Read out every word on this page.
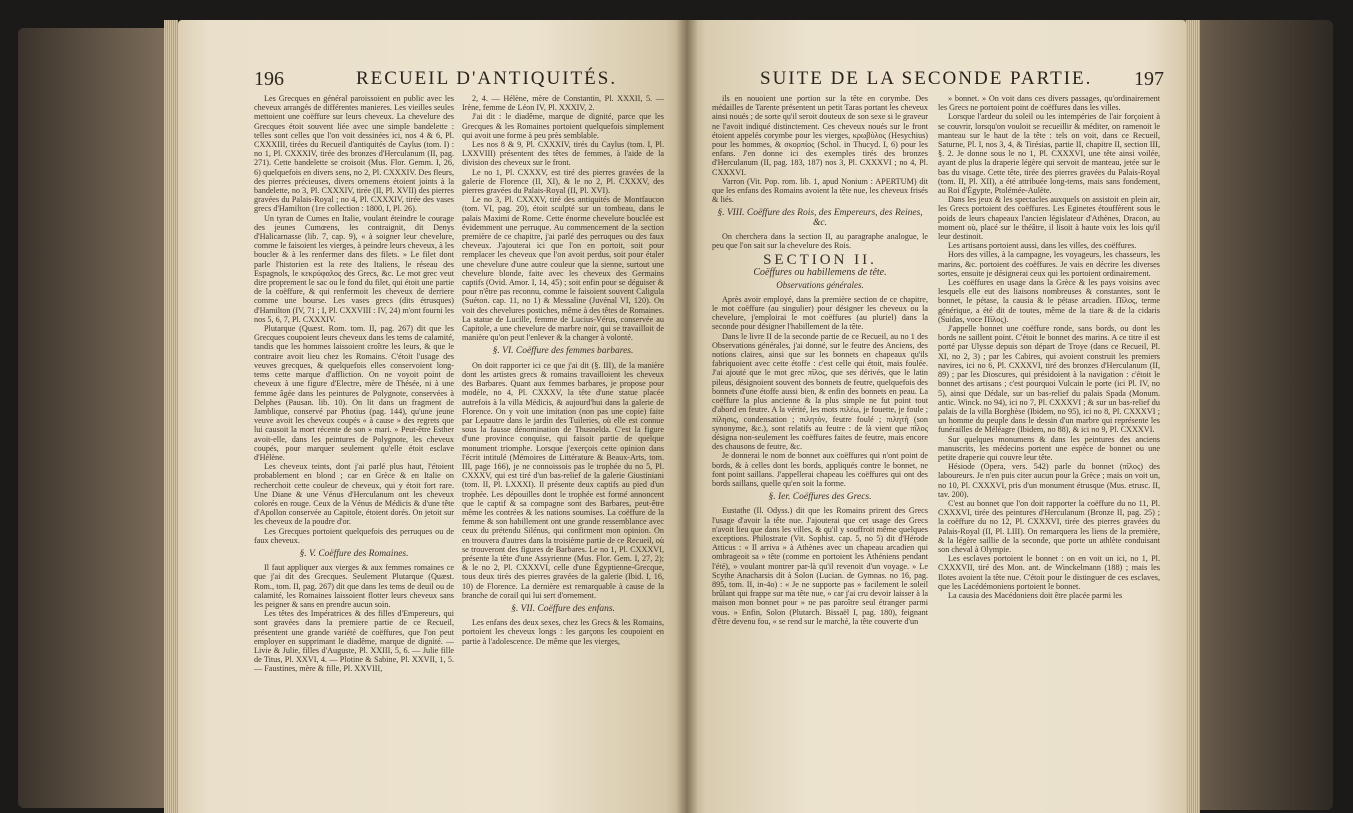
196	RECUEIL D'ANTIQUITÉS.

Les Grecques en général paroissoient en public avec les cheveux arrangés de différentes manieres. Les vieilles seules mettoient une coëffure sur leurs cheveux. La chevelure des Grecques étoit souvent liée avec une simple bandelette : telles sont celles que l'on voit dessinées ici, nos 4 & 6, Pl. CXXXIII, tirées du Recueil d'antiquités de Caylus (tom. I) : no 1, Pl. CXXXIV, tirée des bronzes d'Herculanum (II, pag. 271). Cette bandelette se croisoit (Mus. Flor. Gemm. I, 26, 6) quelquefois en divers sens, no 2, Pl. CXXXIV. Des fleurs, des pierres précieuses, divers ornemens étoient joints à la bandelette, no 3, Pl. CXXXIV, tirée (II, Pl. XVII) des pierres gravées du Palais-Royal ; no 4, Pl. CXXXIV, tirée des vases grecs d'Hamilton (1re collection : 1800, I, Pl. 26).

Un tyran de Cumes en Italie, voulant éteindre le courage des jeunes Cumœens, les contraignit, dit Denys d'Halicarnasse (lib. 7, cap. 9), « à soigner leur chevelure, comme le faisoient les vierges, à peindre leurs cheveux, à les boucler & à les renfermer dans des filets. » Le filet dont parle l'historien est la rete des Italiens, le réseau des Espagnols, le κεκρύφαλος des Grecs, &c. Le mot grec veut dire proprement le sac ou le fond du filet, qui étoit une partie de la coëffure, & qui renfermoit les cheveux de derriere comme une bourse. Les vases grecs (dits étrusques) d'Hamilton (IV, 71 ; I, Pl. CXXVIII : IV, 24) m'ont fourni les nos 5, 6, 7, Pl. CXXXIV.

Plutarque (Quæst. Rom. tom. II, pag. 267) dit que les Grecques coupoient leurs cheveux dans les tems de calamité, tandis que les hommes laissoient croître les leurs, & que le contraire avoit lieu chez les Romains. C'étoit l'usage des veuves grecques, & quelquefois elles conservoient long-tems cette marque d'affliction. On ne voyoit point de cheveux à une figure d'Electre, mère de Thésée, ni à une femme âgée dans les peintures de Polygnote, conservées à Delphes (Pausan. lib. 10). On lit dans un fragment de Jamblique, conservé par Photius (pag. 144), qu'une jeune veuve avoit les cheveux coupés « à cause » des regrets que lui causoit la mort récente de son » mari. » Peut-être Esther avoit-elle, dans les peintures de Polygnote, les cheveux coupés, pour marquer seulement qu'elle étoit esclave d'Hélène.

Les cheveux teints, dont j'ai parlé plus haut, l'étoient probablement en blond ; car en Grèce & en Italie on recherchoit cette couleur de cheveux, qui y étoit fort rare. Une Diane & une Vénus d'Herculanum ont les cheveux colorés en rouge. Ceux de la Vénus de Médicis & d'une tête d'Apollon conservée au Capitole, étoient dorés. On jetoit sur les cheveux de la poudre d'or.

Les Grecques portoient quelquefois des perruques ou de faux cheveux.

§. V. Coëffure des Romaines.

Il faut appliquer aux vierges & aux femmes romaines ce que j'ai dit des Grecques. Seulement Plutarque (Quæst. Rom., tom. II, pag. 267) dit que dans les tems de deuil ou de calamité, les Romaines laissoient flotter leurs cheveux sans les peigner & sans en prendre aucun soin.

Les têtes des Impératrices & des filles d'Empereurs, qui sont gravées dans la premiere partie de ce Recueil, présentent une grande variété de coëffures, que l'on peut employer en supprimant le diadême, marque de dignité. — Livie & Julie, filles d'Auguste, Pl. XXIII, 5, 6. — Julie fille de Titus, Pl. XXVI, 4. — Plotine & Sabine, Pl. XXVII, 1, 5. — Faustines, mère & fille, Pl. XXVIII,

2, 4. — Hélène, mère de Constantin, Pl. XXXII, 5. — Irène, femme de Léon IV, Pl. XXXIV, 2.

J'ai dit : le diadême, marque de dignité, parce que les Grecques & les Romaines portoient quelquefois simplement qui avoit une forme à peu près semblable.

Les nos 8 & 9, Pl. CXXXIV, tirés du Caylus (tom. I, Pl. LXXVIII) présentent des têtes de femmes, à l'aide de la division des cheveux sur le front.

Le no 1, Pl. CXXXV, est tiré des pierres gravées de la galerie de Florence (II, XI), & le no 2, Pl. CXXXV, des pierres gravées du Palais-Royal (II, Pl. XVI).

Le no 3, Pl. CXXXV, tiré des antiquités de Montfaucon (tom. VI, pag. 20), étoit sculpté sur un tombeau, dans le palais Maximi de Rome. Cette énorme chevelure bouclée est évidemment une perruque. Au commencement de la section première de ce chapitre, j'ai parlé des perruques ou des faux cheveux. J'ajouterai ici que l'on en portoit, soit pour remplacer les cheveux que l'on avoit perdus, soit pour étaler une chevelure d'une autre couleur que la sienne, surtout une chevelure blonde, faite avec les cheveux des Germains captifs (Ovid. Amor. I, 14, 45) ; soit enfin pour se déguiser & pour n'être pas reconnu, comme le faisoient souvent Caligula (Suéton. cap. 11, no 1) & Messaline (Juvénal VI, 120). On voit des chevelures postiches, même à des têtes de Romaines. La statue de Lucille, femme de Lucius-Vérus, conservée au Capitole, a une chevelure de marbre noir, qui se travailloit de manière qu'on peut l'enlever & la changer à volonté.

§. VI. Coëffure des femmes barbares.

On doit rapporter ici ce que j'ai dit (§. III), de la manière dont les artistes grecs & romains travailloient les cheveux des Barbares. Quant aux femmes barbares, je propose pour modèle, no 4, Pl. CXXXV, la tête d'une statue placée autrefois à la villa Médicis, & aujourd'hui dans la galerie de Florence. On y voit une imitation (non pas une copie) faite par Lepautre dans le jardin des Tuileries, où elle est connue sous la fausse dénomination de Thusnelda. C'est la figure d'une province conquise, qui faisoit partie de quelque monument triomphe. Lorsque j'exerçois cette opinion dans l'écrit intitulé (Mémoires de Littérature & Beaux-Arts, tom. III, page 166), je ne connoissois pas le trophée du no 5, Pl. CXXXV, qui est tiré d'un bas-relief de la galerie Giustiniani (tom. II, Pl. LXXXI). Il présente deux captifs au pied d'un trophée. Les dépouilles dont le trophée est formé annoncent que le captif & sa compagne sont des Barbares, peut-être même les contrées & les nations soumises. La coëffure de la femme & son habillement ont une grande ressemblance avec ceux du prétendu Silénus, qui confirment mon opinion. On en trouvera d'autres dans la troisième partie de ce Recueil, où se trouveront des figures de Barbares. Le no 1, Pl. CXXXVI, présente la tête d'une Assyrienne (Mus. Flor. Gem. I, 27, 2); & le no 2, Pl. CXXXVI, celle d'une Égyptienne-Grecque, tous deux tirés des pierres gravées de la galerie (Ibid. I, 16, 10) de Florence. La dernière est remarquable à cause de la branche de corail qui lui sert d'ornement.

§. VII. Coëffure des enfans.

Les enfans des deux sexes, chez les Grecs & les Romains, portoient les cheveux longs : les garçons les coupoient en partie à l'adolescence. De même que les vierges,

SUITE DE LA SECONDE PARTIE. 197

ils en nouoient une portion sur la tête en corymbe. Des médailles de Tarente présentent un petit Taras portant les cheveux ainsi noués ; de sorte qu'il seroit douteux de son sexe si le graveur ne l'avoit indiqué distinctement. Ces cheveux noués sur le front étoient appelés corymbe pour les vierges, κρωβύλος (Hesychius) pour les hommes, & σκορπίος (Schol. in Thucyd. I, 6) pour les enfans. J'en donne ici des exemples tirés des bronzes d'Herculanum (II, pag. 183, 187) nos 3, Pl. CXXXVI ; no 4, Pl. CXXXVI.

Varron (Vit. Pop. rom. lib. 1, apud Nonium : APERTUM) dit que les enfans des Romains avoient la tête nue, les cheveux frisés & liés.

§. VIII. Coëffure des Rois, des Empereurs, des Reines, &c.

On cherchera dans la section II, au paragraphe analogue, le peu que l'on sait sur la chevelure des Rois.

SECTION II.
Coëffures ou habillemens de tête.
Observations générales.

Après avoir employé, dans la première section de ce chapitre, le mot coëffure (au singulier) pour désigner les cheveux ou la chevelure, j'emploirai le mot coëffures (au pluriel) dans la seconde pour désigner l'habillement de la tête.

Dans le livre II de la seconde partie de ce Recueil, au no 1 des Observations générales, j'ai donné, sur le feutre des Anciens, des notions claires, ainsi que sur les bonnets en chapeaux qu'ils fabriquoient avec cette étoffe : c'est celle qui étoit, mais foulée. J'ai ajouté que le mot grec πῖλος, que ses dérivés, que le latin pileus, désignoient souvent des bonnets de feutre, quelquefois des bonnets d'une étoffe aussi bien, & enfin des bonnets en peau. La coëffure la plus ancienne & la plus simple ne fut point tout d'abord en feutre. A la vérité, les mots πιλέω, je fouette, je foule ; πίλησις, condensation ; πιλητὸν, feutre foulé ; πιλητὴ (son synonyme, &c.), sont relatifs au feutre : de là vient que πῖλος désigna non-seulement les coëffures faites de feutre, mais encore des chausons de feutre, &c.

Je donnerai le nom de bonnet aux coëffures qui n'ont point de bords, & à celles dont les bords, appliqués contre le bonnet, ne font point saillans. J'appellerai chapeau les coëffures qui ont des bords saillans, quelle qu'en soit la forme.

§. Ier. Coëffures des Grecs.

Eustathe (Il. Odyss.) dit que les Romains prirent des Grecs l'usage d'avoir la tête nue. J'ajouterai que cet usage des Grecs n'avoit lieu que dans les villes, & qu'il y souffroit même quelques exceptions. Philostrate (Vit. Sophist. cap. 5, no 5) dit d'Hérode Atticus : « Il arriva » à Athènes avec un chapeau arcadien qui ombrageoit sa » tête (comme en portoient les Athéniens pendant l'été), » voulant montrer par-là qu'il revenoit d'un voyage. » Le Scythe Anacharsis dit à Solon (Lucian. de Gymnas. no 16, pag. 895, tom. II, in-4o) : « Je ne supporte pas » facilement le soleil brûlant qui frappe sur ma tête nue, » car j'ai cru devoir laisser à la maison mon bonnet pour » ne pas paroître seul étranger parmi vous. » Enfin, Solon (Plutarch. Bissaël I, pag. 180), feignant d'être devenu fou, « se rend sur le marché, la tête couverte d'un

» bonnet. » On voit dans ces divers passages, qu'ordinairement les Grecs ne portoient point de coëffures dans les villes.

Lorsque l'ardeur du soleil ou les intempéries de l'air forçoient à se couvrir, lorsqu'on vouloit se recueillir & méditer, on ramenoit le manteau sur le haut de la tête : tels on voit, dans ce Recueil, Saturne, Pl. I, nos 3, 4, & Tirésias, partie II, chapitre II, section III, §. 2. Je donne sous le no 1, Pl. CXXXVI, une tête ainsi voilée, ayant de plus la draperie légère qui servoit de manteau, jetée sur le bas du visage. Cette tête, tirée des pierres gravées du Palais-Royal (tom. II, Pl. XII), a été attribuée long-tems, mais sans fondement, au Roi d'Égypte, Ptolémée-Aulète.

Dans les jeux & les spectacles auxquels on assistoit en plein air, les Grecs portoient des coëffures. Les Eginetes étouffèrent sous le poids de leurs chapeaux l'ancien législateur d'Athènes, Dracon, au moment où, placé sur le théâtre, il lisoit à haute voix les lois qu'il leur destinoit.

Les artisans portoient aussi, dans les villes, des coëffures.

Hors des villes, à la campagne, les voyageurs, les chasseurs, les marins, &c. portoient des coëffures. Je vais en décrire les diverses sortes, ensuite je désignerai ceux qui les portoient ordinairement.

Les coëffures en usage dans la Grèce & les pays voisins avec lesquels elle eut des liaisons nombreuses & constantes, sont le bonnet, le pétase, la causia & le pétase arcadien. Πῖλος, terme générique, a été dit de toutes, même de la tiare & de la cidaris (Suidas, voce Πῖλος).

J'appelle bonnet une coëffure ronde, sans bords, ou dont les bords ne saillent point. C'étoit le bonnet des marins. A ce titre il est porté par Ulysse depuis son départ de Troye (dans ce Recueil, Pl. XI, no 2, 3) ; par les Cabires, qui avoient construit les premiers navires, ici no 6, Pl. CXXXVI, tiré des bronzes d'Herculanum (II, 89) ; par les Dioscures, qui présidoient à la navigation : c'étoit le bonnet des artisans ; c'est pourquoi Vulcain le porte (ici Pl. IV, no 5), ainsi que Dédale, sur un bas-relief du palais Spada (Monum. antic. Winck. no 94), ici no 7, Pl. CXXXVI ; & sur un bas-relief du palais de la villa Borghèse (Ibidem, no 95), ici no 8, Pl. CXXXVI ; un homme du peuple dans le dessin d'un marbre qui représente les funérailles de Méléagre (Ibidem, no 88), & ici no 9, Pl. CXXXVI.

Sur quelques monumens & dans les peintures des anciens manuscrits, les médecins portent une espèce de bonnet ou une petite draperie qui couvre leur tête.

Hésiode (Opera, vers. 542) parle du bonnet (πῖλος) des laboureurs. Je n'en puis citer aucun pour la Grèce ; mais on voit un, no 10, Pl. CXXXVI, pris d'un monument étrusque (Mus. etrusc. II, tav. 200).

C'est au bonnet que l'on doit rapporter la coëffure du no 11, Pl. CXXXVI, tirée des peintures d'Herculanum (Bronze II, pag. 25) ; la coëffure du no 12, Pl. CXXXVI, tirée des pierres gravées du Palais-Royal (II, Pl. LIII). On remarquera les liens de la première, & la légère saillie de la seconde, que porte un athlète conduisant son cheval à Olympie.

Les esclaves portoient le bonnet : on en voit un ici, no 1, Pl. CXXXVII, tiré des Mon. ant. de Winckelmann (188) ; mais les Ilotes avoient la tête nue. C'étoit pour le distinguer de ces esclaves, que les Lacédémoniens portoient le bonnet.

La causia des Macédoniens doit être placée parmi les
